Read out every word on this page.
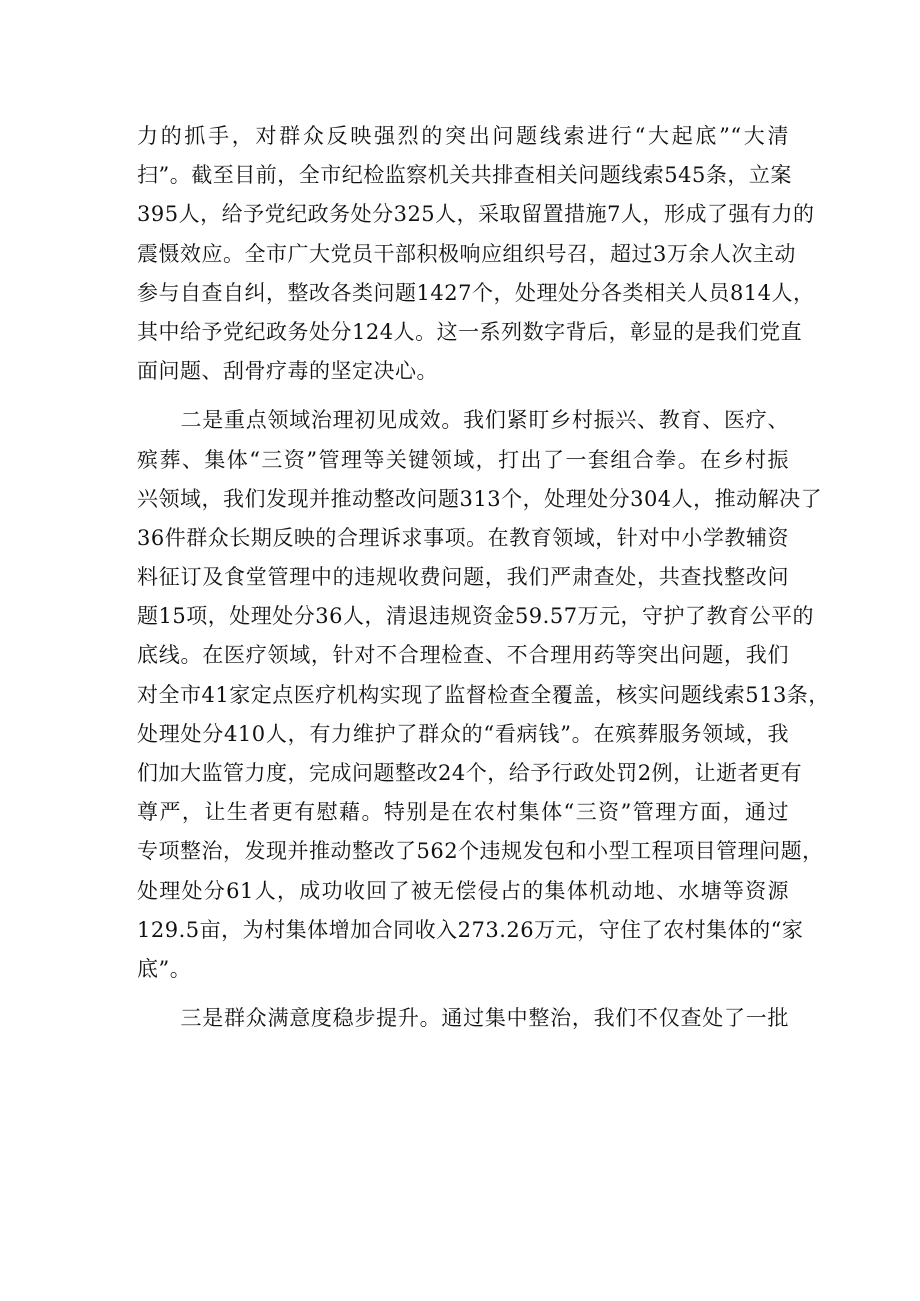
力的抓手，对群众反映强烈的突出问题线索进行“大起底”“大清
扫”。截至目前，全市纪检监察机关共排查相关问题线索545条，立案
395人，给予党纪政务处分325人，采取留置措施7人，形成了强有力的
震慑效应。全市广大党员干部积极响应组织号召，超过3万余人次主动
参与自查自纠，整改各类问题1427个，处理处分各类相关人员814人，
其中给予党纪政务处分124人。这一系列数字背后，彰显的是我们党直
面问题、刮骨疗毒的坚定决心。
　　二是重点领域治理初见成效。我们紧盯乡村振兴、教育、医疗、
殡葬、集体“三资”管理等关键领域，打出了一套组合拳。在乡村振
兴领域，我们发现并推动整改问题313个，处理处分304人，推动解决了
36件群众长期反映的合理诉求事项。在教育领域，针对中小学教辅资
料征订及食堂管理中的违规收费问题，我们严肃查处，共查找整改问
题15项，处理处分36人，清退违规资金59.57万元，守护了教育公平的
底线。在医疗领域，针对不合理检查、不合理用药等突出问题，我们
对全市41家定点医疗机构实现了监督检查全覆盖，核实问题线索513条，
处理处分410人，有力维护了群众的“看病钱”。在殡葬服务领域，我
们加大监管力度，完成问题整改24个，给予行政处罚2例，让逝者更有
尊严，让生者更有慰藉。特别是在农村集体“三资”管理方面，通过
专项整治，发现并推动整改了562个违规发包和小型工程项目管理问题，
处理处分61人，成功收回了被无偿侵占的集体机动地、水塘等资源
129.5亩，为村集体增加合同收入273.26万元，守住了农村集体的“家
底”。
　　三是群众满意度稳步提升。通过集中整治，我们不仅查处了一批
